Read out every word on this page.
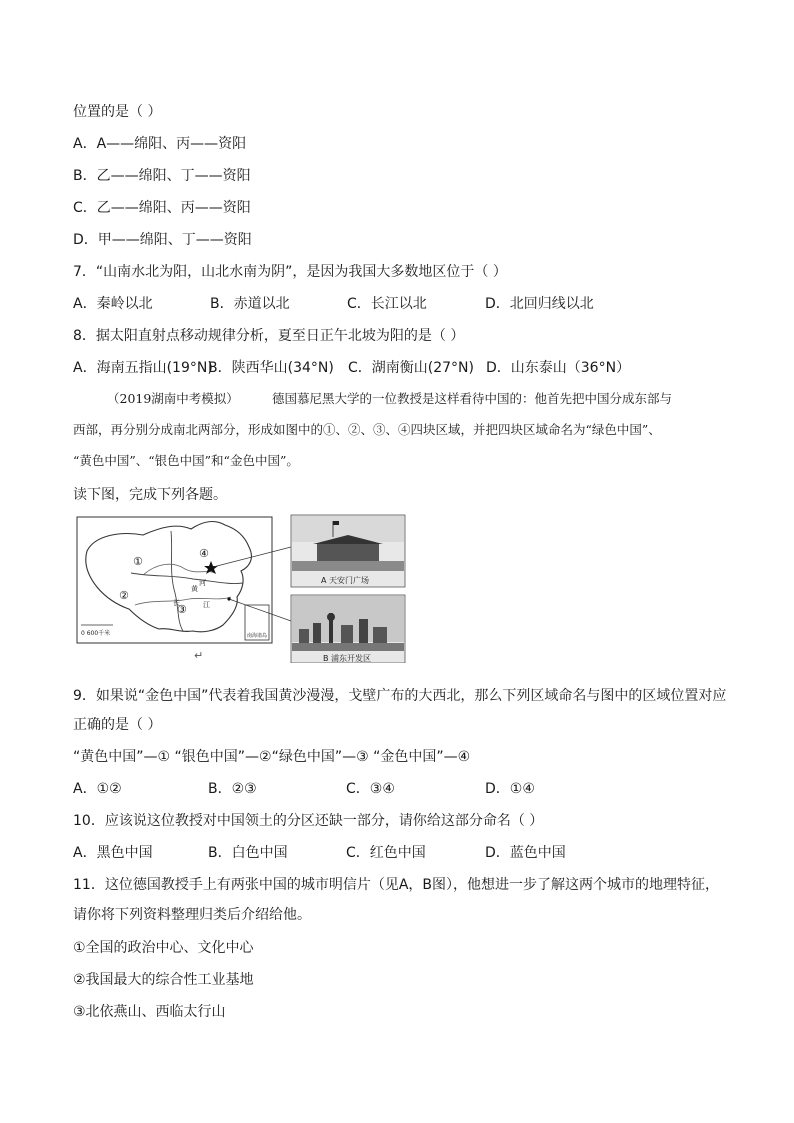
位置的是（ ）
A．A——绵阳、丙——资阳
B．乙——绵阳、丁——资阳
C．乙——绵阳、丙——资阳
D．甲——绵阳、丁——资阳
7．“山南水北为阳，山北水南为阴”，是因为我国大多数地区位于（ ）
A．秦岭以北	B．赤道以北	C．长江以北	D．北回归线以北
8．据太阳直射点移动规律分析，夏至日正午北坡为阳的是（ ）
A．海南五指山(19°N)
B．陕西华山(34°N) C．湖南衡山(27°N) D．山东泰山（36°N）
（2019湖南中考模拟）	德国慕尼黑大学的一位教授是这样看待中国的：他首先把中国分成东部与
西部，再分别分成南北两部分，形成如图中的①、②、③、④四块区域，并把四块区域命名为“绿色中国”、
“黄色中国”、“银色中国”和“金色中国”。
读下图，完成下列各题。
①
②
③
④
河
黄
长	江
0 600千米	南海诸岛
A 天安门广场
B 浦东开发区
↵
9．如果说“金色中国”代表着我国黄沙漫漫，戈壁广布的大西北，那么下列区域命名与图中的区域位置对应
正确的是（ ）
“黄色中国”—① “银色中国”—②“绿色中国”—③ “金色中国”—④
A．①②	B．②③	C．③④	D．①④
10．应该说这位教授对中国领土的分区还缺一部分，请你给这部分命名（ ）
A．黑色中国	B．白色中国	C．红色中国	D．蓝色中国
11．这位德国教授手上有两张中国的城市明信片（见A，B图），他想进一步了解这两个城市的地理特征，
请你将下列资料整理归类后介绍给他。
①全国的政治中心、文化中心
②我国最大的综合性工业基地
③北依燕山、西临太行山
